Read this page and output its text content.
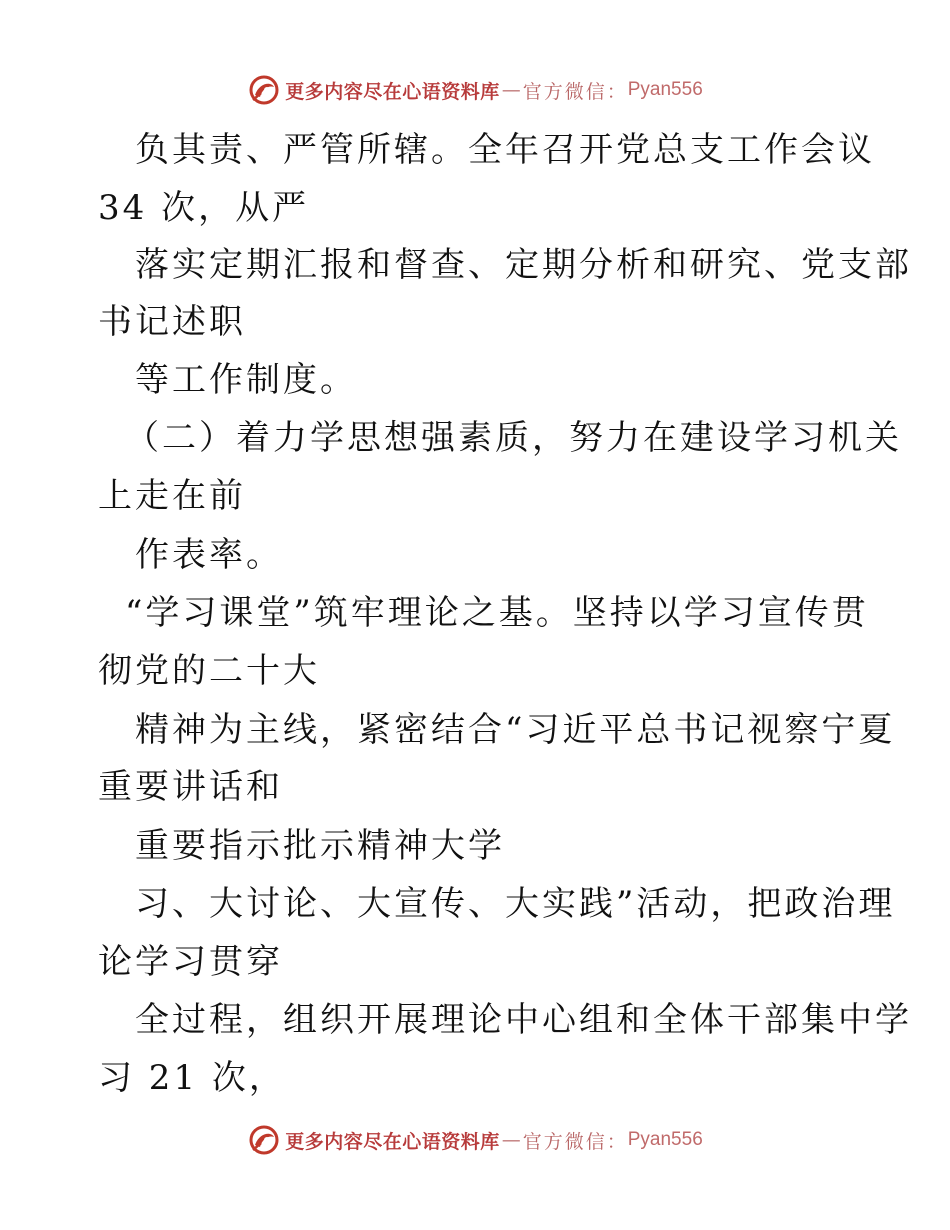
更多内容尽在心语资料库 — 官方微信： Pyan556
负其责、严管所辖。全年召开党总支工作会议
34 次，从严
落实定期汇报和督查、定期分析和研究、党支部
书记述职
等工作制度。
（二）着力学思想强素质，努力在建设学习机关
上走在前
作表率。
“学习课堂”筑牢理论之基。坚持以学习宣传贯
彻党的二十大
精神为主线，紧密结合“习近平总书记视察宁夏
重要讲话和
重要指示批示精神大学
习、大讨论、大宣传、大实践”活动，把政治理
论学习贯穿
全过程，组织开展理论中心组和全体干部集中学
习 21 次，
更多内容尽在心语资料库 — 官方微信： Pyan556
